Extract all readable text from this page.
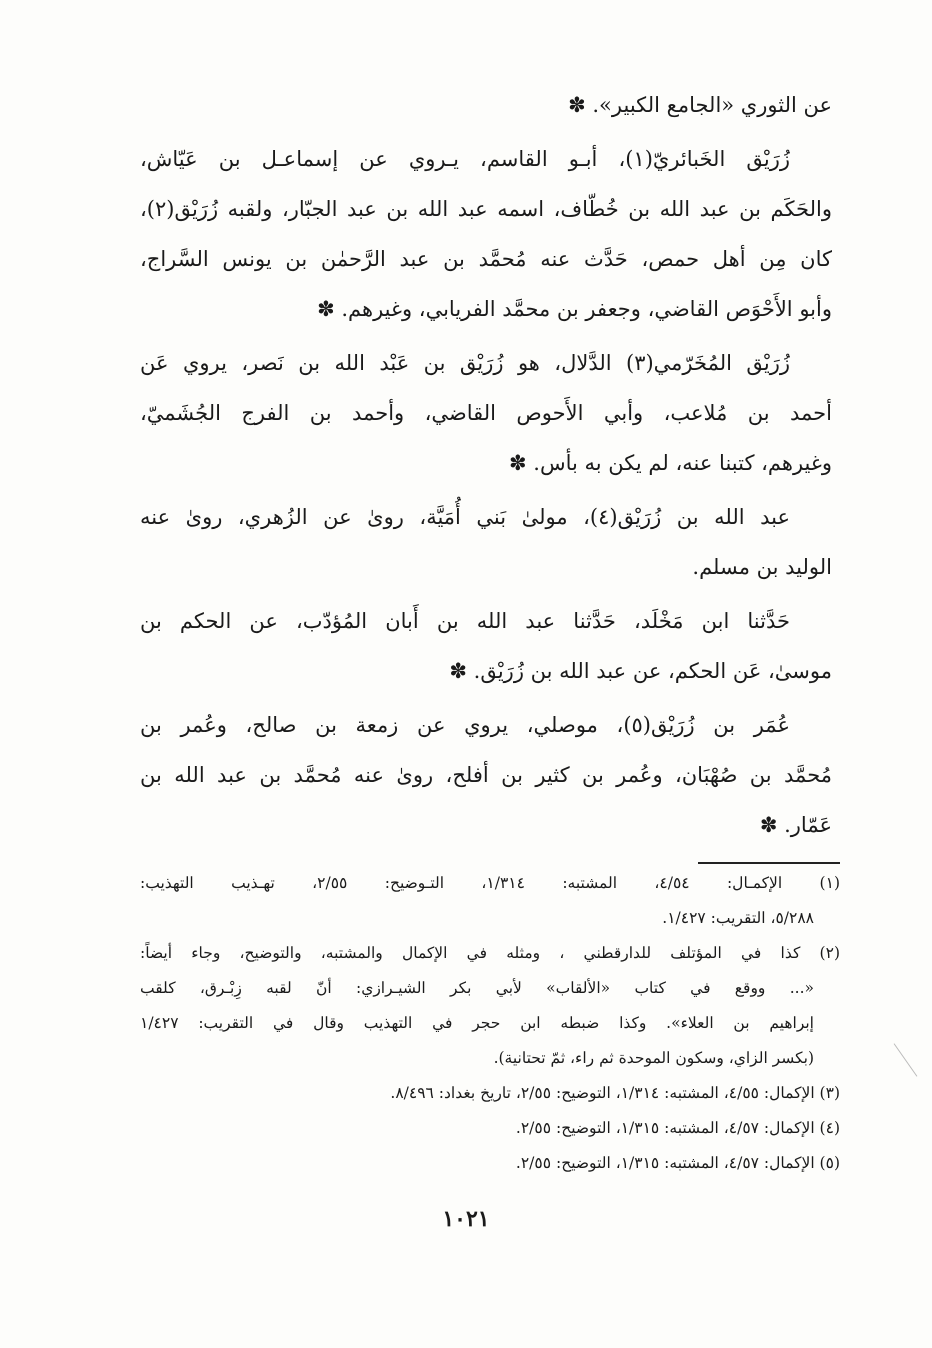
عن الثوري «الجامع الكبير». ✽
زُرَيْق الخَبائريّ(١)، أبـو القاسم، يـروي عن إسماعـل بن عَيّاش،
والحَكَم بن عبد الله بن خُطّاف، اسمه عبد الله بن عبد الجبّار، ولقبه زُرَيْق(٢)،
كان مِن أهل حمص، حَدَّث عنه مُحمَّد بن عبد الرَّحمٰن بن يونس السَّراج،
وأبو الأَحْوَص القاضي، وجعفر بن محمَّد الفريابي، وغيرهم. ✽
زُرَيْق المُخَرّمي(٣) الدَّلال، هو زُرَيْق بن عَبْد الله بن نَصر، يروي عَن
أحمد بن مُلاعب، وأبي الأَحوص القاضي، وأحمد بن الفرج الجُشَميّ،
وغيرهم، كتبنا عنه، لم يكن به بأس. ✽
عبد الله بن زُرَيْق(٤)، مولىٰ بَني أُمَيَّة، روىٰ عن الزُهري، روىٰ عنه
الوليد بن مسلم.
حَدَّثنا ابن مَخْلَد، حَدَّثنا عبد الله بن أَبان المُؤدّب، عن الحكم بن
موسىٰ، عَن الحكم، عن عبد الله بن زُرَيْق. ✽
عُمَر بن زُرَيْق(٥)، موصلي، يروي عن زمعة بن صالح، وعُمر بن
مُحمَّد بن صُهْبَان، وعُمر بن كثير بن أفلح، روىٰ عنه مُحمَّد بن عبد الله بن
عَمّار. ✽
(١) الإكمـال: ٤/٥٤، المشتبه: ١/٣١٤، التـوضيح: ٢/٥٥، تهـذيب التهذيب:
٥/٢٨٨، التقريب: ١/٤٢٧.
(٢) كذا في المؤتلف للدارقطني ، ومثله في الإكمال والمشتبه، والتوضيح، وجاء أيضاً:
«... ووقع في كتاب «الألقاب» لأبي بكر الشيـرازي: أنّ لقبه زِبْـرق، كلقب
إبراهيم بن العلاء». وكذا ضبطه ابن حجر في التهذيب وقال في التقريب: ١/٤٢٧
(بكسر الزاي، وسكون الموحدة ثم راء، ثمّ تحتانية).
(٣) الإكمال: ٤/٥٥، المشتبه: ١/٣١٤، التوضيح: ٢/٥٥، تاريخ بغداد: ٨/٤٩٦.
(٤) الإكمال: ٤/٥٧، المشتبه: ١/٣١٥، التوضيح: ٢/٥٥.
(٥) الإكمال: ٤/٥٧، المشتبه: ١/٣١٥، التوضيح: ٢/٥٥.
١٠٢١
